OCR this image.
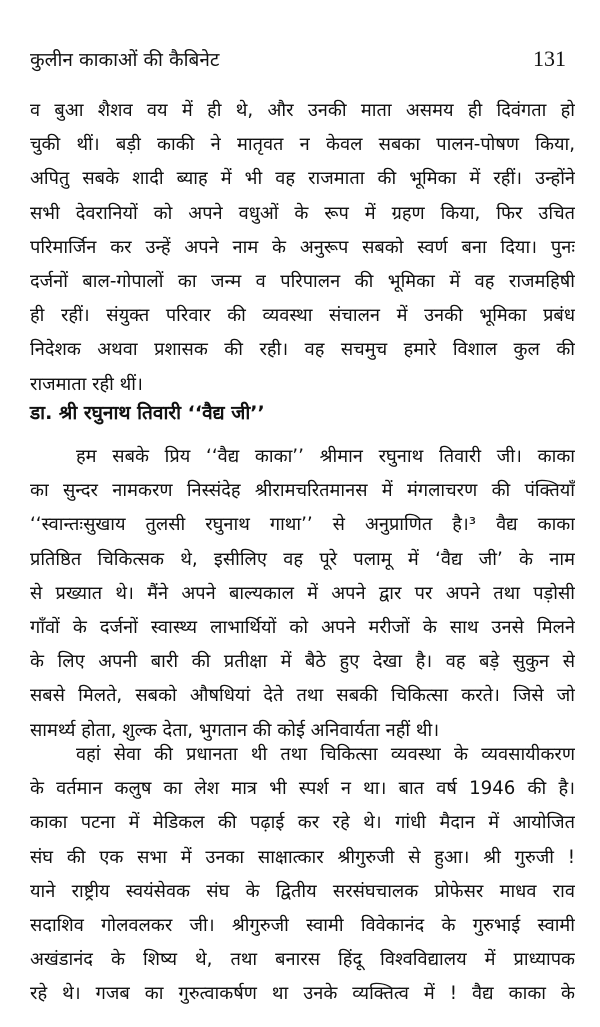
कुलीन काकाओं की कैबिनेट	131
व बुआ शैशव वय में ही थे, और उनकी माता असमय ही दिवंगता हो
चुकी थीं। बड़ी काकी ने मातृवत न केवल सबका पालन-पोषण किया,
अपितु सबके शादी ब्याह में भी वह राजमाता की भूमिका में रहीं। उन्होंने
सभी देवरानियों को अपने वधुओं के रूप में ग्रहण किया, फिर उचित
परिमार्जिन कर उन्हें अपने नाम के अनुरूप सबको स्वर्ण बना दिया। पुनः
दर्जनों बाल-गोपालों का जन्म व परिपालन की भूमिका में वह राजमहिषी
ही रहीं। संयुक्त परिवार की व्यवस्था संचालन में उनकी भूमिका प्रबंध
निदेशक अथवा प्रशासक की रही। वह सचमुच हमारे विशाल कुल की
राजमाता रही थीं।
डा. श्री रघुनाथ तिवारी ‘‘वैद्य जी’’
हम सबके प्रिय ‘‘वैद्य काका’’ श्रीमान रघुनाथ तिवारी जी। काका
का सुन्दर नामकरण निस्संदेह श्रीरामचरितमानस में मंगलाचरण की पंक्तियाँ
‘‘स्वान्तःसुखाय तुलसी रघुनाथ गाथा’’ से अनुप्राणित है।³ वैद्य काका
प्रतिष्ठित चिकित्सक थे, इसीलिए वह पूरे पलामू में ‘वैद्य जी’ के नाम
से प्रख्यात थे। मैंने अपने बाल्यकाल में अपने द्वार पर अपने तथा पड़ोसी
गाँवों के दर्जनों स्वास्थ्य लाभार्थियों को अपने मरीजों के साथ उनसे मिलने
के लिए अपनी बारी की प्रतीक्षा में बैठे हुए देखा है। वह बड़े सुकुन से
सबसे मिलते, सबको औषधियां देते तथा सबकी चिकित्सा करते। जिसे जो
सामर्थ्य होता, शुल्क देता, भुगतान की कोई अनिवार्यता नहीं थी।
वहां सेवा की प्रधानता थी तथा चिकित्सा व्यवस्था के व्यवसायीकरण
के वर्तमान कलुष का लेश मात्र भी स्पर्श न था। बात वर्ष 1946 की है।
काका पटना में मेडिकल की पढ़ाई कर रहे थे। गांधी मैदान में आयोजित
संघ की एक सभा में उनका साक्षात्कार श्रीगुरुजी से हुआ। श्री गुरुजी !
याने राष्ट्रीय स्वयंसेवक संघ के द्वितीय सरसंघचालक प्रोफेसर माधव राव
सदाशिव गोलवलकर जी। श्रीगुरुजी स्वामी विवेकानंद के गुरुभाई स्वामी
अखंडानंद के शिष्य थे, तथा बनारस हिंदू विश्वविद्यालय में प्राध्यापक
रहे थे। गजब का गुरुत्वाकर्षण था उनके व्यक्तित्व में ! वैद्य काका के
